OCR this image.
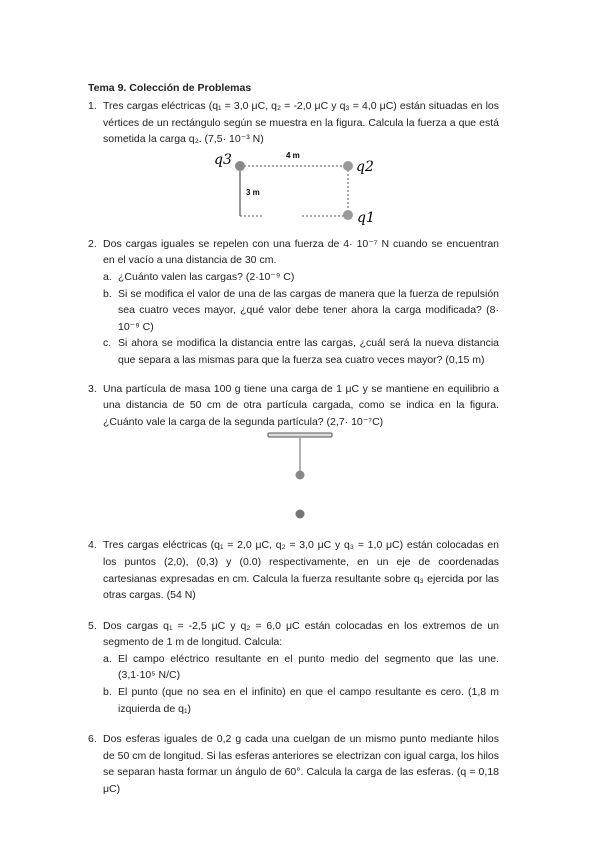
Tema 9. Colección de Problemas
1. Tres cargas eléctricas (q₁ = 3,0 μC, q₂ = -2,0 μC y q₃ = 4,0 μC) están situadas en los vértices de un rectángulo según se muestra en la figura. Calcula la fuerza a que está sometida la carga q₂. (7,5· 10⁻³ N)
q3	q2
q1
4 m
3 m
2. Dos cargas iguales se repelen con una fuerza de 4· 10⁻⁷ N cuando se encuentran en el vacío a una distancia de 30 cm.
a. ¿Cuánto valen las cargas? (2·10⁻⁹ C)
b. Si se modifica el valor de una de las cargas de manera que la fuerza de repulsión sea cuatro veces mayor, ¿qué valor debe tener ahora la carga modificada? (8· 10⁻⁹ C)
c. Si ahora se modifica la distancia entre las cargas, ¿cuál será la nueva distancia que separa a las mismas para que la fuerza sea cuatro veces mayor? (0,15 m)
3. Una partícula de masa 100 g tiene una carga de 1 μC y se mantiene en equilibrio a una distancia de 50 cm de otra partícula cargada, como se indica en la figura. ¿Cuánto vale la carga de la segunda partícula? (2,7· 10⁻⁷C)
4. Tres cargas eléctricas (q₁ = 2,0 μC, q₂ = 3,0 μC y q₃ = 1,0 μC) están colocadas en los puntos (2,0), (0,3) y (0.0) respectivamente, en un eje de coordenadas cartesianas expresadas en cm. Calcula la fuerza resultante sobre q₃ ejercida por las otras cargas. (54 N)
5. Dos cargas q₁ = -2,5 μC y q₂ = 6,0 μC están colocadas en los extremos de un segmento de 1 m de longitud. Calcula:
a. El campo eléctrico resultante en el punto medio del segmento que las une. (3,1·10⁵ N/C)
b. El punto (que no sea en el infinito) en que el campo resultante es cero. (1,8 m izquierda de q₁)
6. Dos esferas iguales de 0,2 g cada una cuelgan de un mismo punto mediante hilos de 50 cm de longitud. Si las esferas anteriores se electrizan con igual carga, los hilos se separan hasta formar un ángulo de 60°. Calcula la carga de las esferas. (q = 0,18 μC)
